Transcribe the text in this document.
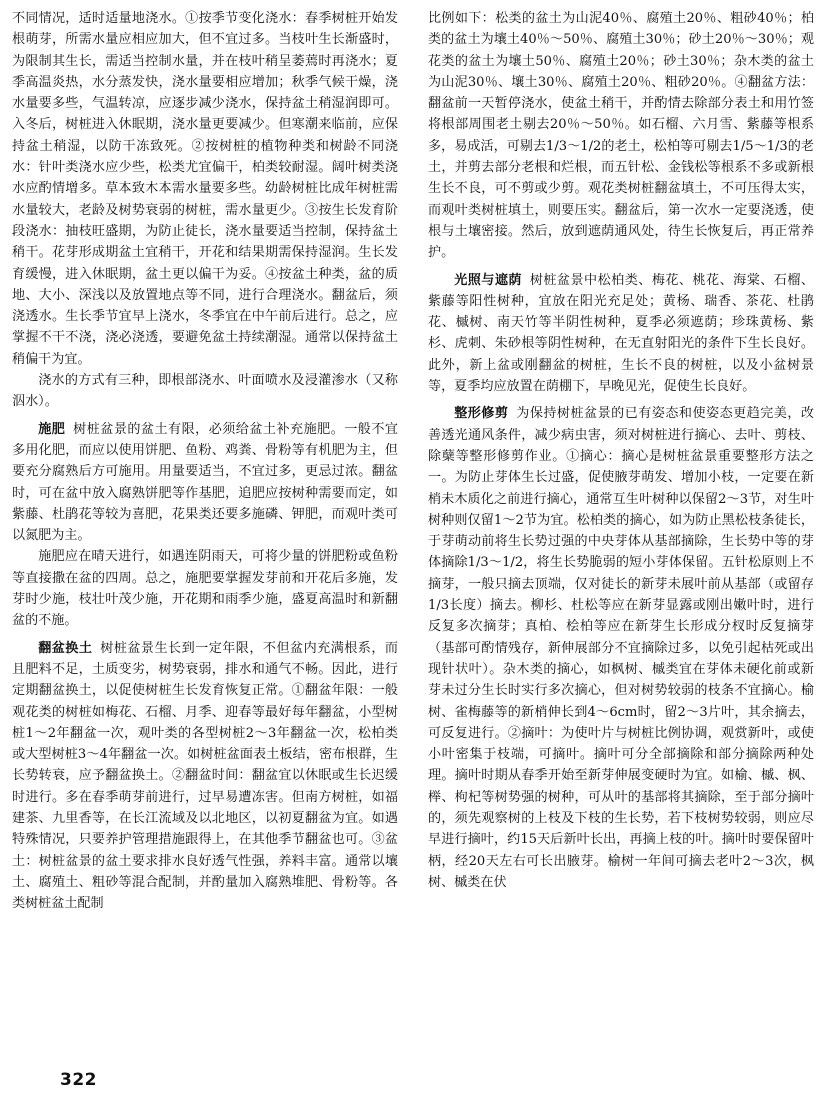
不同情况，适时适量地浇水。①按季节变化浇水：春季树桩开始发根萌芽，所需水量应相应加大，但不宜过多。当枝叶生长渐盛时，为限制其生长，需适当控制水量，并在枝叶稍呈萎蔫时再浇水；夏季高温炎热，水分蒸发快，浇水量要相应增加；秋季气候干燥，浇水量要多些，气温转凉，应逐步减少浇水，保持盆土稍湿润即可。入冬后，树桩进入休眠期，浇水量更要减少。但寒潮来临前，应保持盆土稍湿，以防干冻致死。②按树桩的植物种类和树龄不同浇水：针叶类浇水应少些，松类尤宜偏干，柏类较耐湿。阔叶树类浇水应酌情增多。草本致木本需水量要多些。幼龄树桩比成年树桩需水量较大，老龄及树势衰弱的树桩，需水量更少。③按生长发育阶段浇水：抽枝旺盛期，为防止徒长，浇水量要适当控制，保持盆土稍干。花芽形成期盆土宜稍干，开花和结果期需保持湿润。生长发育缓慢，进入休眠期，盆土更以偏干为妥。④按盆土种类，盆的质地、大小、深浅以及放置地点等不同，进行合理浇水。翻盆后，须浇透水。生长季节宜早上浇水，冬季宜在中午前后进行。总之，应掌握不干不浇，浇必浇透，要避免盆土持续潮湿。通常以保持盆土稍偏干为宜。

浇水的方式有三种，即根部浇水、叶面喷水及浸灌渗水（又称泅水）。

施肥 树桩盆景的盆土有限，必须给盆土补充施肥。一般不宜多用化肥，而应以使用饼肥、鱼粉、鸡粪、骨粉等有机肥为主，但要充分腐熟后方可施用。用量要适当，不宜过多，更忌过浓。翻盆时，可在盆中放入腐熟饼肥等作基肥，追肥应按树种需要而定，如紫藤、杜鹃花等较为喜肥，花果类还要多施磷、钾肥，而观叶类可以氮肥为主。

施肥应在晴天进行，如遇连阴雨天，可将少量的饼肥粉或鱼粉等直接撒在盆的四周。总之，施肥要掌握发芽前和开花后多施，发芽时少施，枝壮叶茂少施，开花期和雨季少施，盛夏高温时和新翻盆的不施。

翻盆换土 树桩盆景生长到一定年限，不但盆内充满根系，而且肥料不足，土质变劣，树势衰弱，排水和通气不畅。因此，进行定期翻盆换土，以促使树桩生长发育恢复正常。①翻盆年限：一般观花类的树桩如梅花、石榴、月季、迎春等最好每年翻盆，小型树桩1～2年翻盆一次，观叶类的各型树桩2～3年翻盆一次，松柏类或大型树桩3～4年翻盆一次。如树桩盆面表土板结，密布根群，生长势转衰，应予翻盆换土。②翻盆时间：翻盆宜以休眠或生长迟缓时进行。多在春季萌芽前进行，过早易遭冻害。但南方树桩，如福建茶、九里香等，在长江流域及以北地区，以初夏翻盆为宜。如遇特殊情况，只要养护管理措施跟得上，在其他季节翻盆也可。③盆土：树桩盆景的盆土要求排水良好透气性强，养料丰富。通常以壤土、腐殖土、粗砂等混合配制，并酌量加入腐熟堆肥、骨粉等。各类树桩盆土配制

比例如下：松类的盆土为山泥40％、腐殖土20％、粗砂40％；柏类的盆土为壤土40％～50％、腐殖土30％；砂土20％～30％；观花类的盆土为壤土50％、腐殖土20％；砂土30％；杂木类的盆土为山泥30％、壤土30％、腐殖土20％、粗砂20％。④翻盆方法：翻盆前一天暂停浇水，使盆土稍干，并酌情去除部分表土和用竹签将根部周围老土剔去20％～50％。如石榴、六月雪、紫藤等根系多，易成活，可剔去1/3～1/2的老土，松柏等可剔去1/5～1/3的老土，并剪去部分老根和烂根，而五针松、金钱松等根系不多或新根生长不良，可不剪或少剪。观花类树桩翻盆填土，不可压得太实，而观叶类树桩填土，则要压实。翻盆后，第一次水一定要浇透，使根与土壤密接。然后，放到遮荫通风处，待生长恢复后，再正常养护。

光照与遮荫 树桩盆景中松柏类、梅花、桃花、海棠、石榴、紫藤等阳性树种，宜放在阳光充足处；黄杨、瑞香、茶花、杜鹃花、槭树、南天竹等半阴性树种，夏季必须遮荫；珍珠黄杨、紫杉、虎刺、朱砂根等阴性树种，在无直射阳光的条件下生长良好。此外，新上盆或刚翻盆的树桩，生长不良的树桩，以及小盆树景等，夏季均应放置在荫棚下，早晚见光，促使生长良好。

整形修剪 为保持树桩盆景的已有姿态和使姿态更趋完美，改善透光通风条件，减少病虫害，须对树桩进行摘心、去叶、剪枝、除蘖等整形修剪作业。①摘心：摘心是树桩盆景重要整形方法之一。为防止芽体生长过盛，促使腋芽萌发、增加小枝，一定要在新梢未木质化之前进行摘心，通常互生叶树种以保留2～3节，对生叶树种则仅留1～2节为宜。松柏类的摘心，如为防止黑松枝条徒长，于芽萌动前将生长势过强的中央芽体从基部摘除，生长势中等的芽体摘除1/3～1/2，将生长势脆弱的短小芽体保留。五针松原则上不摘芽，一般只摘去顶端，仅对徒长的新芽未展叶前从基部（或留存1/3长度）摘去。柳杉、杜松等应在新芽显露或刚出嫩叶时，进行反复多次摘芽；真柏、桧柏等应在新芽生长形成分杈时反复摘芽（基部可酌情残存，新伸展部分不宜摘除过多，以免引起枯死或出现针状叶）。杂木类的摘心，如枫树、槭类宜在芽体未硬化前或新芽未过分生长时实行多次摘心，但对树势较弱的枝条不宜摘心。榆树、雀梅藤等的新梢伸长到4～6cm时，留2～3片叶，其余摘去，可反复进行。②摘叶：为使叶片与树桩比例协调，观赏新叶，或使小叶密集于枝端，可摘叶。摘叶可分全部摘除和部分摘除两种处理。摘叶时期从春季开始至新芽伸展变硬时为宜。如榆、槭、枫、榉、枸杞等树势强的树种，可从叶的基部将其摘除，至于部分摘叶的，须先观察树的上枝及下枝的生长势，若下枝树势较弱，则应尽早进行摘叶，约15天后新叶长出，再摘上枝的叶。摘叶时要保留叶柄，经20天左右可长出腋芽。榆树一年间可摘去老叶2～3次，枫树、槭类在伏

322
